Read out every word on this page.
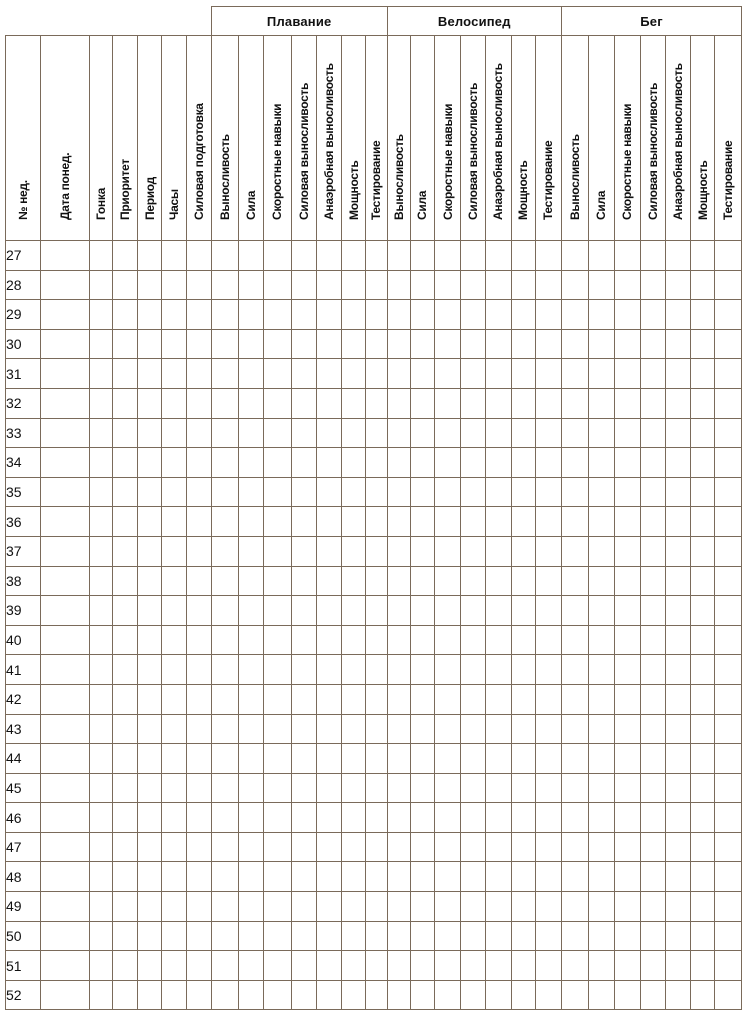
							Плавание							Велосипед							Бег						

№ нед.	Дата понед.	Гонка	Приоритет	Период	Часы	Силовая подготовка	Выносливость	Сила	Скоростные навыки	Силовая выносливость	Анаэробная выносливость	Мощность	Тестирование	Выносливость	Сила	Скоростные навыки	Силовая выносливость	Анаэробная выносливость	Мощность	Тестирование	Выносливость	Сила	Скоростные навыки	Силовая выносливость	Анаэробная выносливость	Мощность	Тестирование

27																											
28																											
29																											
30																											
31																											
32																											
33																											
34																											
35																											
36																											
37																											
38																											
39																											
40																											
41																											
42																											
43																											
44																											
45																											
46																											
47																											
48																											
49																											
50																											
51																											
52																											
